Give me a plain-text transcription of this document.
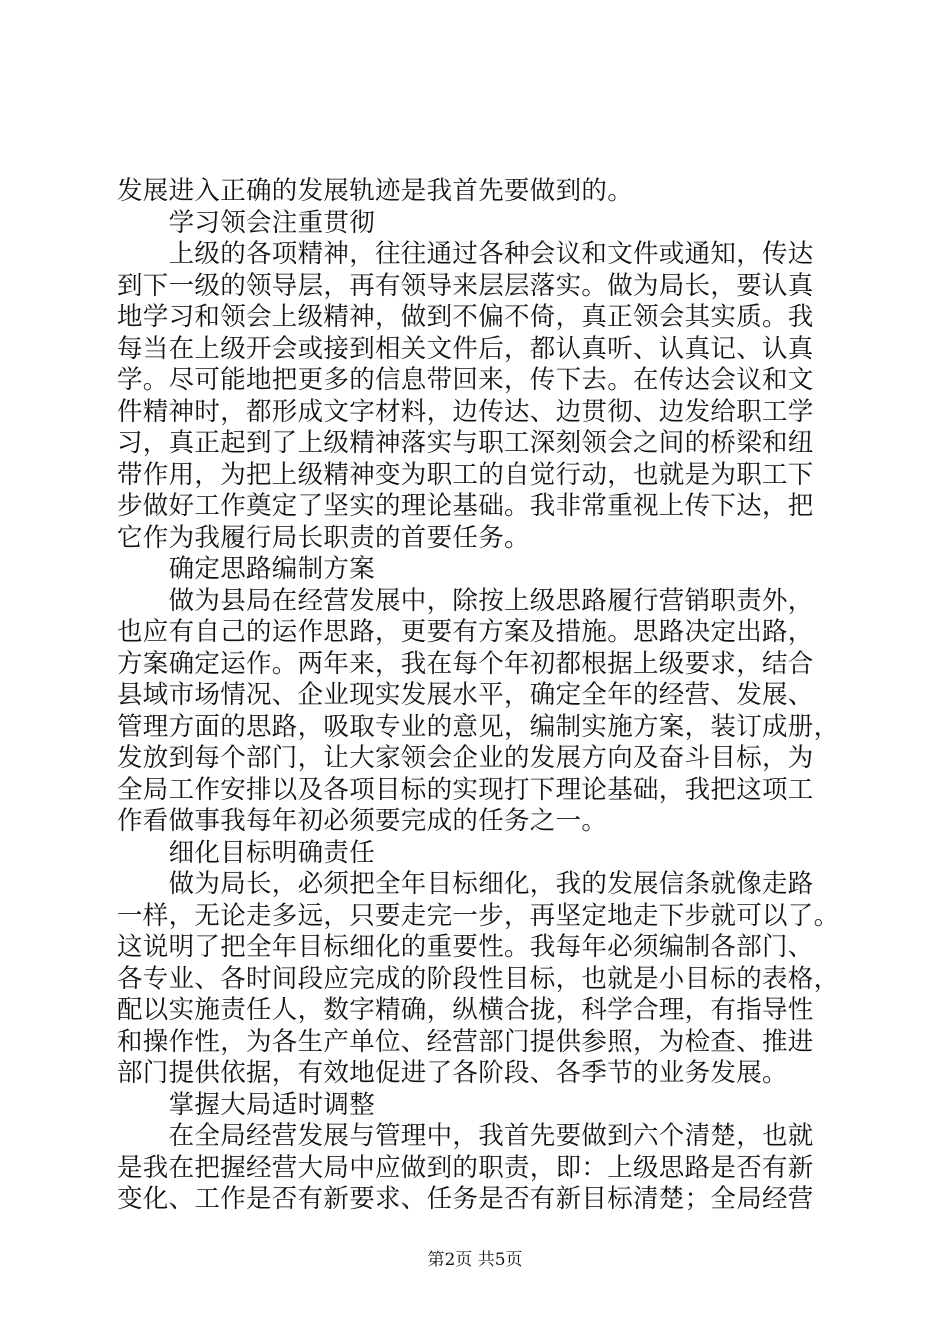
发展进入正确的发展轨迹是我首先要做到的。
　　学习领会注重贯彻
　　上级的各项精神，往往通过各种会议和文件或通知，传达
到下一级的领导层，再有领导来层层落实。做为局长，要认真
地学习和领会上级精神，做到不偏不倚，真正领会其实质。我
每当在上级开会或接到相关文件后，都认真听、认真记、认真
学。尽可能地把更多的信息带回来，传下去。在传达会议和文
件精神时，都形成文字材料，边传达、边贯彻、边发给职工学
习，真正起到了上级精神落实与职工深刻领会之间的桥梁和纽
带作用，为把上级精神变为职工的自觉行动，也就是为职工下
步做好工作奠定了坚实的理论基础。我非常重视上传下达，把
它作为我履行局长职责的首要任务。
　　确定思路编制方案
　　做为县局在经营发展中，除按上级思路履行营销职责外，
也应有自己的运作思路，更要有方案及措施。思路决定出路，
方案确定运作。两年来，我在每个年初都根据上级要求，结合
县域市场情况、企业现实发展水平，确定全年的经营、发展、
管理方面的思路，吸取专业的意见，编制实施方案，装订成册，
发放到每个部门，让大家领会企业的发展方向及奋斗目标，为
全局工作安排以及各项目标的实现打下理论基础，我把这项工
作看做事我每年初必须要完成的任务之一。
　　细化目标明确责任
　　做为局长，必须把全年目标细化，我的发展信条就像走路
一样，无论走多远，只要走完一步，再坚定地走下步就可以了。
这说明了把全年目标细化的重要性。我每年必须编制各部门、
各专业、各时间段应完成的阶段性目标，也就是小目标的表格，
配以实施责任人，数字精确，纵横合拢，科学合理，有指导性
和操作性，为各生产单位、经营部门提供参照，为检查、推进
部门提供依据，有效地促进了各阶段、各季节的业务发展。
　　掌握大局适时调整
　　在全局经营发展与管理中，我首先要做到六个清楚，也就
是我在把握经营大局中应做到的职责，即：上级思路是否有新
变化、工作是否有新要求、任务是否有新目标清楚；全局经营
第2页 共5页
